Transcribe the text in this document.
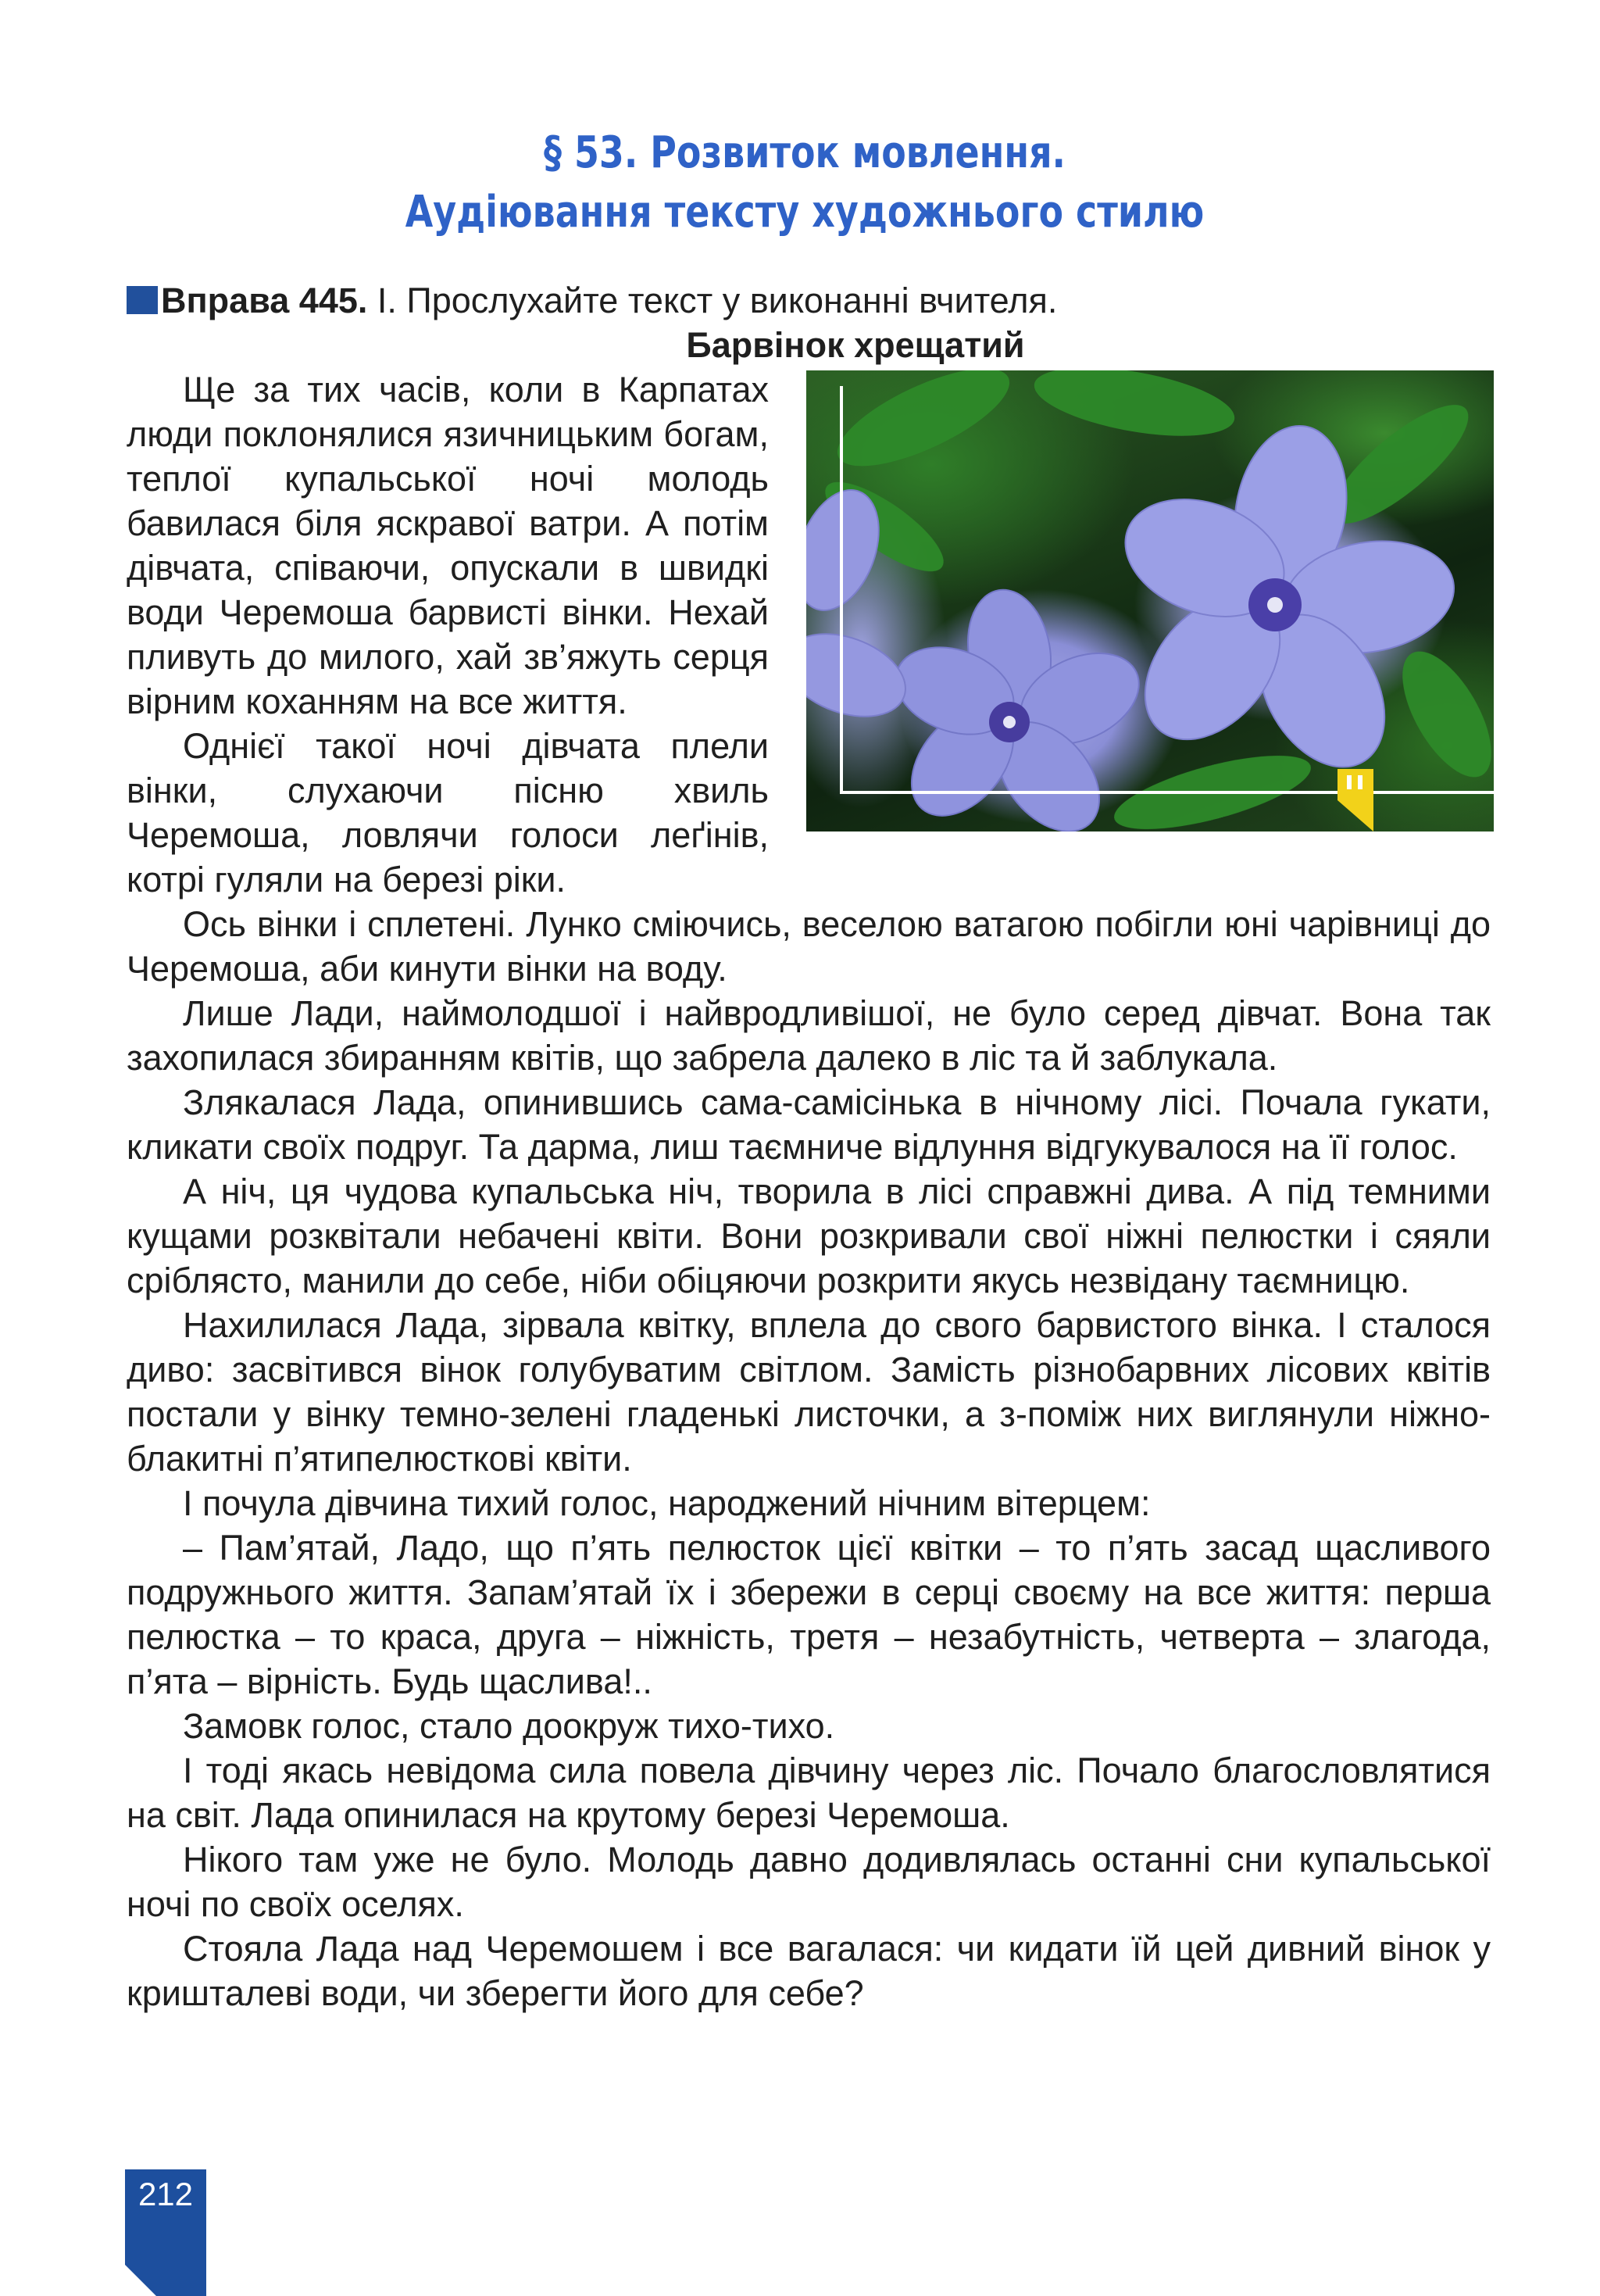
§ 53. Розвиток мовлення.
Аудіювання тексту художнього стилю

Вправа 445. І. Прослухайте текст у виконанні вчителя.

Барвінок хрещатий

Ще за тих часів, коли в Карпатах люди поклонялися язичницьким богам, теплої купальської ночі молодь бавилася біля яскравої ватри. А потім дівчата, співаючи, опускали в швидкі води Черемоша барвисті вінки. Нехай пливуть до милого, хай зв’яжуть серця вірним коханням на все життя.

Однієї такої ночі дівчата плели вінки, слухаючи пісню хвиль Черемоша, ловлячи голоси леґінів, котрі гуляли на березі ріки.

Ось вінки і сплетені. Лунко сміючись, веселою ватагою побігли юні чарівниці до Черемоша, аби кинути вінки на воду.

Лише Лади, наймолодшої і найвродливішої, не було серед дівчат. Вона так захопилася збиранням квітів, що забрела далеко в ліс та й заблукала.

Злякалася Лада, опинившись сама-самісінька в нічному лісі. Почала гукати, кликати своїх подруг. Та дарма, лиш таємниче відлуння відгукувалося на її голос.

А ніч, ця чудова купальська ніч, творила в лісі справжні дива. А під темними кущами розквітали небачені квіти. Вони розкривали свої ніжні пелюстки і сяяли сріблясто, манили до себе, ніби обіцяючи розкрити якусь незвідану таємницю.

Нахилилася Лада, зірвала квітку, вплела до свого барвистого вінка. І сталося диво: засвітився вінок голубуватим світлом. Замість різнобарвних лісових квітів постали у вінку темно-зелені гладенькі листочки, а з-поміж них виглянули ніжно-блакитні п’ятипелюсткові квіти.

І почула дівчина тихий голос, народжений нічним вітерцем:

– Пам’ятай, Ладо, що п’ять пелюсток цієї квітки – то п’ять засад щасливого подружнього життя. Запам’ятай їх і збережи в серці своєму на все життя: перша пелюстка – то краса, друга – ніжність, третя – незабутність, четверта – злагода, п’ята – вірність. Будь щаслива!..

Замовк голос, стало доокруж тихо-тихо.

І тоді якась невідома сила повела дівчину через ліс. Почало благословлятися на світ. Лада опинилася на крутому березі Черемоша.

Нікого там уже не було. Молодь давно додивлялась останні сни купальської ночі по своїх оселях.

Стояла Лада над Черемошем і все вагалася: чи кидати їй цей дивний вінок у кришталеві води, чи зберегти його для себе?

212
